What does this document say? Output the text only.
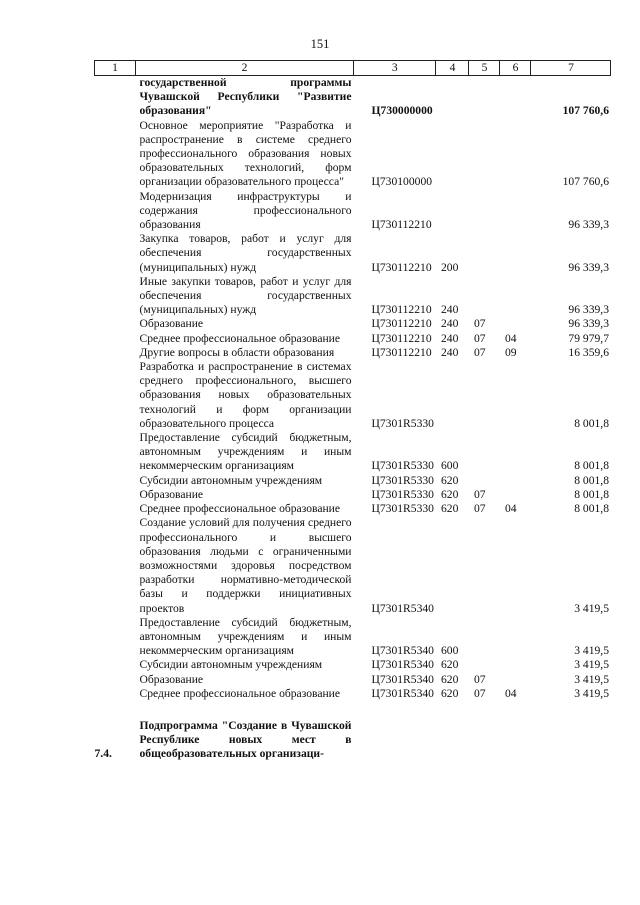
151
1	2	3	4	5	6	7
	государственной программы Чувашской Республики "Развитие образования"	Ц730000000				107 760,6
	Основное мероприятие "Разработка и распространение в системе среднего профессионального образования новых образовательных технологий, форм организации образовательного процесса"	Ц730100000				107 760,6
	Модернизация инфраструктуры и содержания профессионального образования	Ц730112210				96 339,3
	Закупка товаров, работ и услуг для обеспечения государственных (муниципальных) нужд	Ц730112210	200			96 339,3
	Иные закупки товаров, работ и услуг для обеспечения государственных (муниципальных) нужд	Ц730112210	240			96 339,3
	Образование	Ц730112210	240	07		96 339,3
	Среднее профессиональное образование	Ц730112210	240	07	04	79 979,7
	Другие вопросы в области образования	Ц730112210	240	07	09	16 359,6
	Разработка и распространение в системах среднего профессионального, высшего образования новых образовательных технологий и форм организации образовательного процесса	Ц7301R5330				8 001,8
	Предоставление субсидий бюджетным, автономным учреждениям и иным некоммерческим организациям	Ц7301R5330	600			8 001,8
	Субсидии автономным учреждениям	Ц7301R5330	620			8 001,8
	Образование	Ц7301R5330	620	07		8 001,8
	Среднее профессиональное образование	Ц7301R5330	620	07	04	8 001,8
	Создание условий для получения среднего профессионального и высшего образования людьми с ограниченными возможностями здоровья посредством разработки нормативно-методической базы и поддержки инициативных проектов	Ц7301R5340				3 419,5
	Предоставление субсидий бюджетным, автономным учреждениям и иным некоммерческим организациям	Ц7301R5340	600			3 419,5
	Субсидии автономным учреждениям	Ц7301R5340	620			3 419,5
	Образование	Ц7301R5340	620	07		3 419,5
	Среднее профессиональное образование	Ц7301R5340	620	07	04	3 419,5

7.4.	Подпрограмма "Создание в Чувашской Республике новых мест в общеобразовательных организаци-					
